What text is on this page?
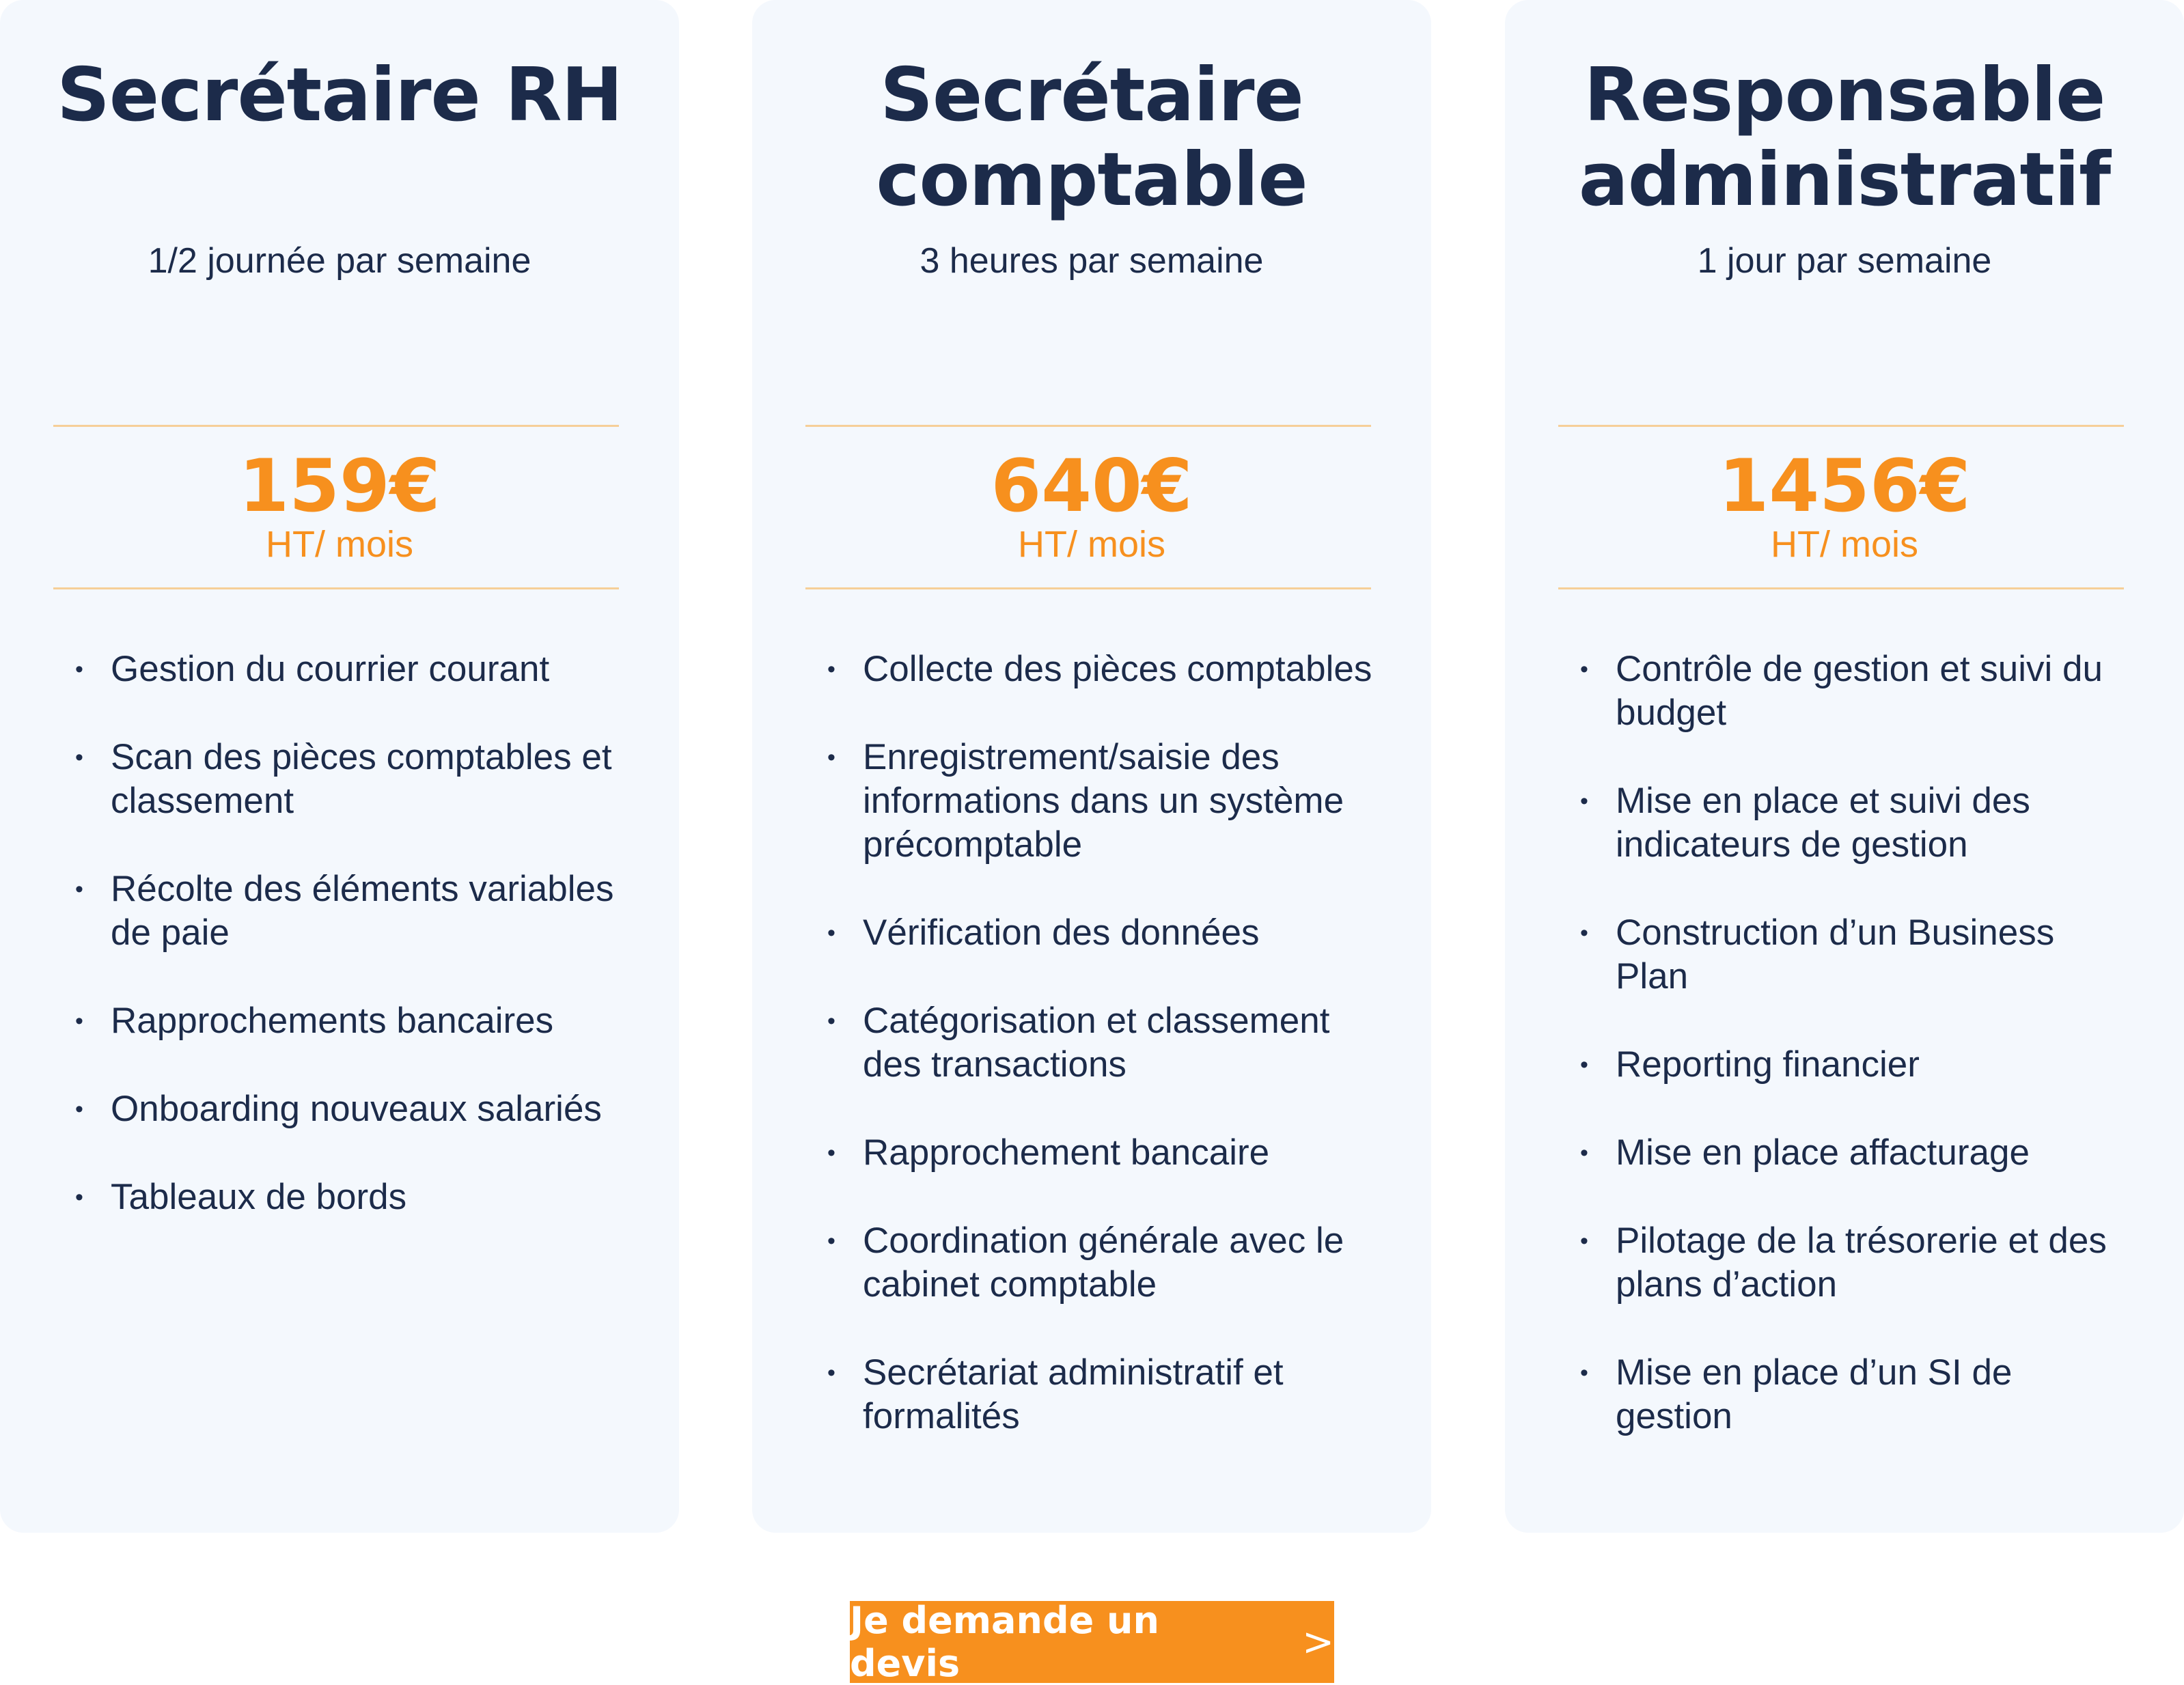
Secrétaire RH
1/2 journée par semaine
159€
HT/ mois
• Gestion du courrier courant
• Scan des pièces comptables et classement
• Récolte des éléments variables de paie
• Rapprochements bancaires
• Onboarding nouveaux salariés
• Tableaux de bords
Secrétaire comptable
3 heures par semaine
640€
HT/ mois
• Collecte des pièces comptables
• Enregistrement/saisie des informations dans un système précomptable
• Vérification des données
• Catégorisation et classement des transactions
• Rapprochement bancaire
• Coordination générale avec le cabinet comptable
• Secrétariat administratif et formalités
Responsable administratif
1 jour par semaine
1456€
HT/ mois
• Contrôle de gestion et suivi du budget
• Mise en place et suivi des indicateurs de gestion
• Construction d’un Business Plan
• Reporting financier
• Mise en place affacturage
• Pilotage de la trésorerie et des plans d’action
• Mise en place d’un SI de gestion
Je demande un devis	>
